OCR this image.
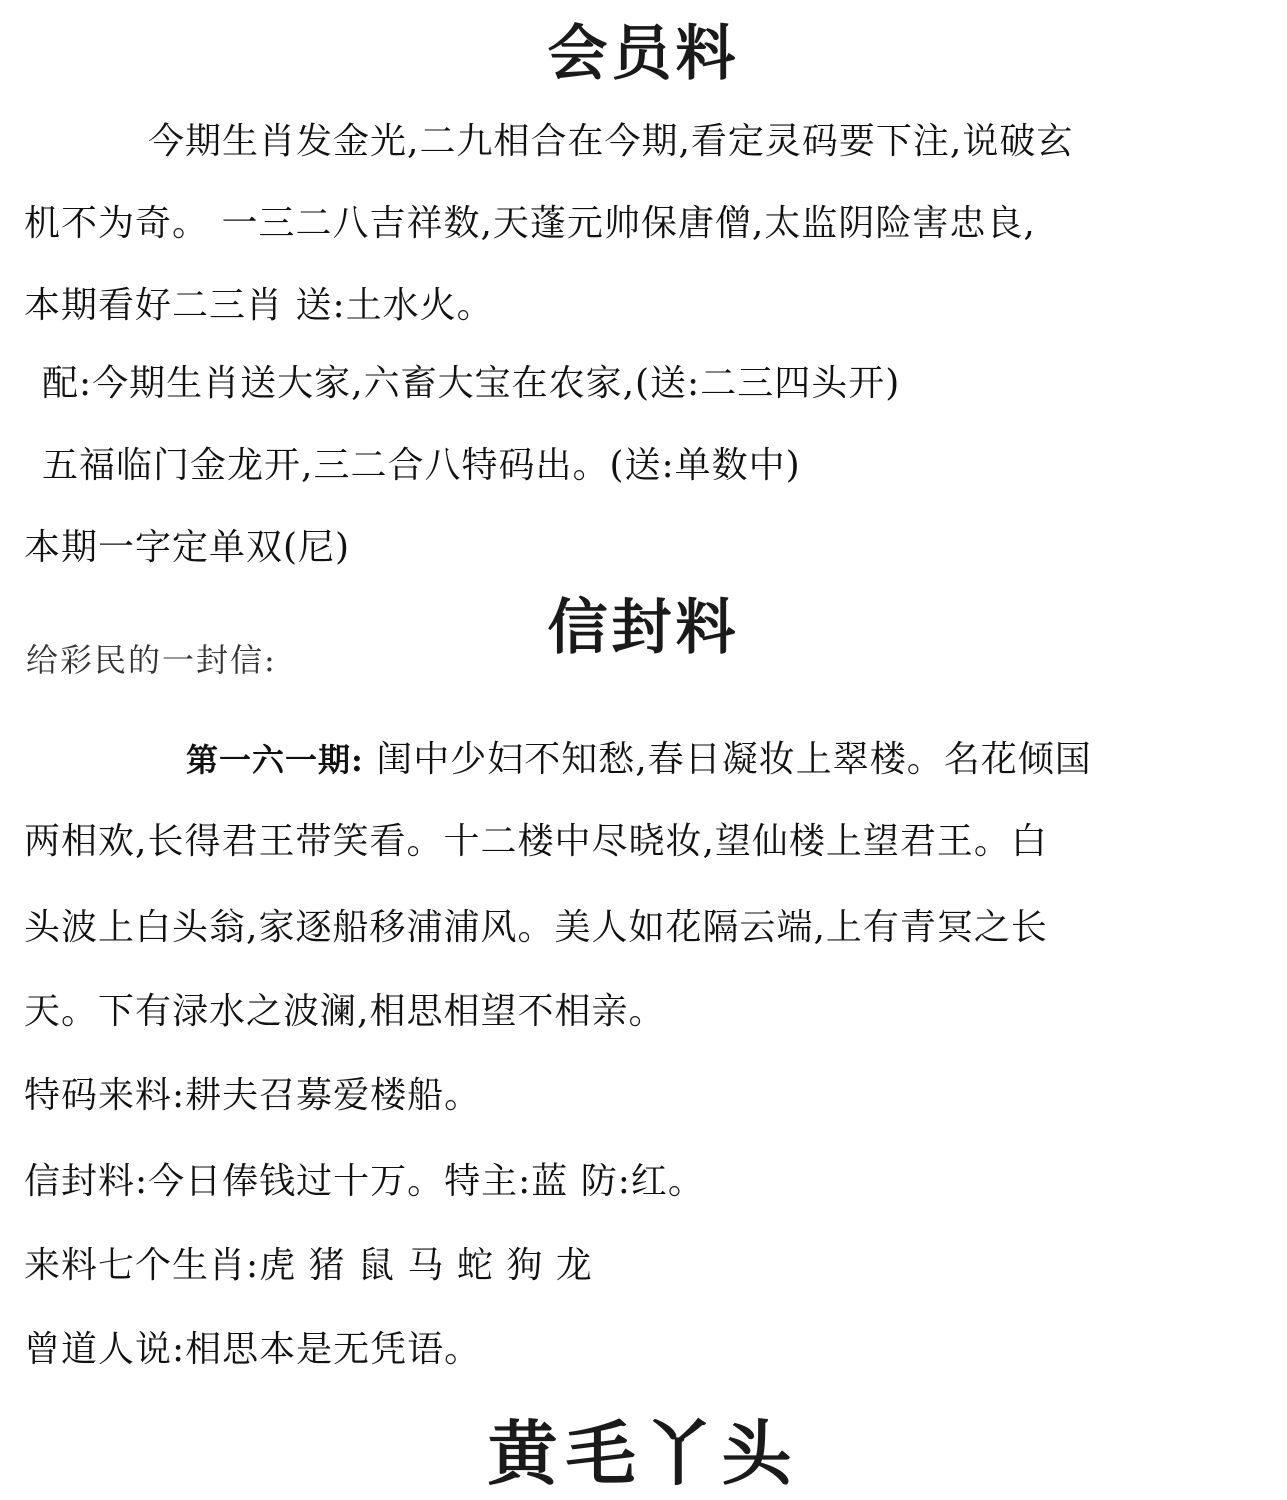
会员料
今期生肖发金光,二九相合在今期,看定灵码要下注,说破玄
机不为奇。 一三二八吉祥数,天蓬元帅保唐僧,太监阴险害忠良,
本期看好二三肖 送:土水火。
配:今期生肖送大家,六畜大宝在农家,(送:二三四头开)
五福临门金龙开,三二合八特码出。(送:单数中)
本期一字定单双(尼)
信封料
给彩民的一封信:
第一六一期: 闺中少妇不知愁,春日凝妆上翠楼。名花倾国
两相欢,长得君王带笑看。十二楼中尽晓妆,望仙楼上望君王。白
头波上白头翁,家逐船移浦浦风。美人如花隔云端,上有青冥之长
天。下有渌水之波澜,相思相望不相亲。
特码来料:耕夫召募爱楼船。
信封料:今日俸钱过十万。特主:蓝 防:红。
来料七个生肖:虎 猪 鼠 马 蛇 狗 龙
曾道人说:相思本是无凭语。
黄毛丫头
